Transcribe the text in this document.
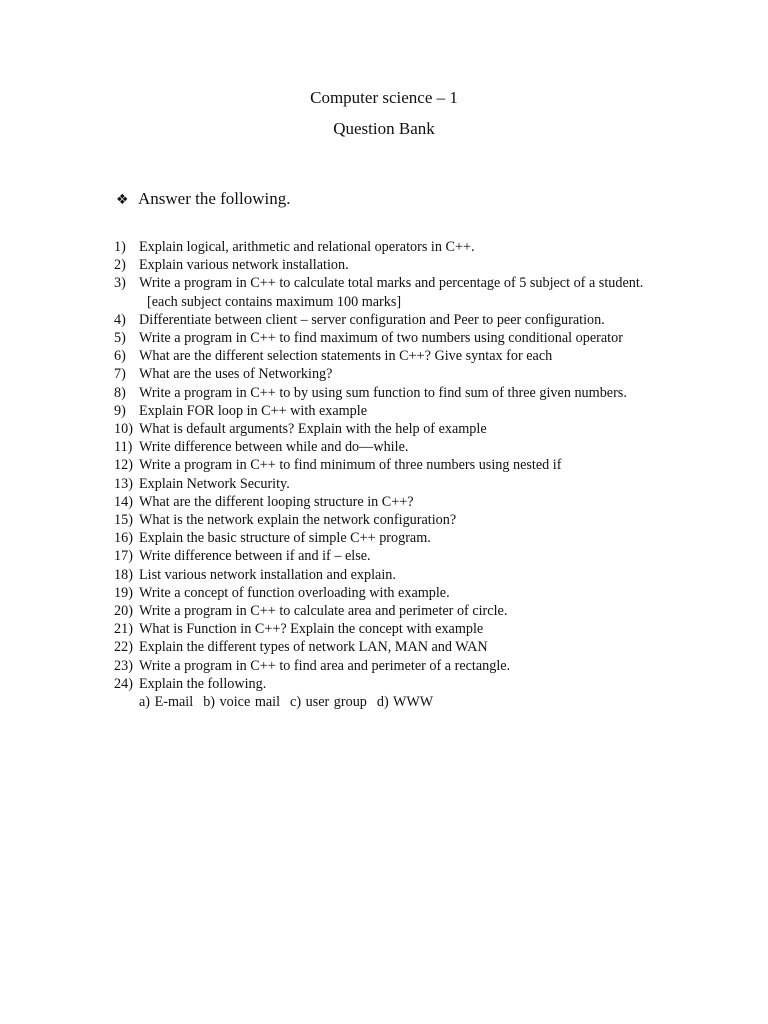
Computer science – 1
Question Bank
❖ Answer the following.
1) Explain logical, arithmetic and relational operators in C++.
2) Explain various network installation.
3) Write a program in C++ to calculate total marks and percentage of 5 subject of a student.
[each subject contains maximum 100 marks]
4) Differentiate between client – server configuration and Peer to peer configuration.
5) Write a program in C++ to find maximum of two numbers using conditional operator
6) What are the different selection statements in C++? Give syntax for each
7) What are the uses of Networking?
8) Write a program in C++ to by using sum function to find sum of three given numbers.
9) Explain FOR loop in C++ with example
10) What is default arguments? Explain with the help of example
11) Write difference between while and do—while.
12) Write a program in C++ to find minimum of three numbers using nested if
13) Explain Network Security.
14) What are the different looping structure in C++?
15) What is the network explain the network configuration?
16) Explain the basic structure of simple C++ program.
17) Write difference between if and if – else.
18) List various network installation and explain.
19) Write a concept of function overloading with example.
20) Write a program in C++ to calculate area and perimeter of circle.
21) What is Function in C++? Explain the concept with example
22) Explain the different types of network LAN, MAN and WAN
23) Write a program in C++ to find area and perimeter of a rectangle.
24) Explain the following.
a) E-mail b) voice mail c) user group d) WWW
